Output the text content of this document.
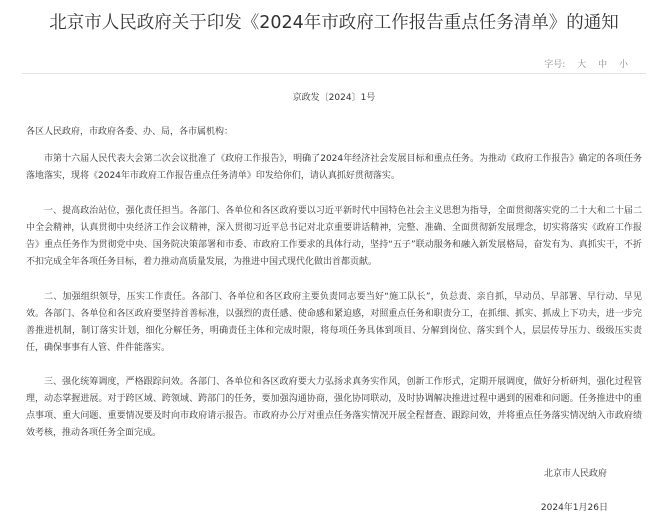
北京市人民政府关于印发《2024年市政府工作报告重点任务清单》的通知
字号: 大 中 小
京政发〔2024〕1号
各区人民政府，市政府各委、办、局，各市属机构：

市第十六届人民代表大会第二次会议批准了《政府工作报告》，明确了2024年经济社会发展目标和重点任务。为推动《政府工作报告》确定的各项任务落地落实，现将《2024年市政府工作报告重点任务清单》印发给你们，请认真抓好贯彻落实。

一、提高政治站位，强化责任担当。各部门、各单位和各区政府要以习近平新时代中国特色社会主义思想为指导，全面贯彻落实党的二十大和二十届二中全会精神，认真贯彻中央经济工作会议精神，深入贯彻习近平总书记对北京重要讲话精神，完整、准确、全面贯彻新发展理念，切实将落实《政府工作报告》重点任务作为贯彻党中央、国务院决策部署和市委、市政府工作要求的具体行动，坚持“五子”联动服务和融入新发展格局，奋发有为、真抓实干，不折不扣完成全年各项任务目标，着力推动高质量发展，为推进中国式现代化做出首都贡献。

二、加强组织领导，压实工作责任。各部门、各单位和各区政府主要负责同志要当好“施工队长”，负总责、亲自抓，早动员、早部署、早行动、早见效。各部门、各单位和各区政府要坚持首善标准，以强烈的责任感、使命感和紧迫感，对照重点任务和职责分工，在抓细、抓实、抓成上下功夫，进一步完善推进机制，制订落实计划，细化分解任务，明确责任主体和完成时限，将每项任务具体到项目、分解到岗位、落实到个人，层层传导压力、级级压实责任，确保事事有人管、件件能落实。

三、强化统筹调度，严格跟踪问效。各部门、各单位和各区政府要大力弘扬求真务实作风，创新工作形式，定期开展调度，做好分析研判，强化过程管理，动态掌握进展。对于跨区域、跨领域、跨部门的任务，要加强沟通协商，强化协同联动，及时协调解决推进过程中遇到的困难和问题。任务推进中的重点事项、重大问题、重要情况要及时向市政府请示报告。市政府办公厅对重点任务落实情况开展全程督查、跟踪问效，并将重点任务落实情况纳入市政府绩效考核，推动各项任务全面完成。

北京市人民政府
2024年1月26日
